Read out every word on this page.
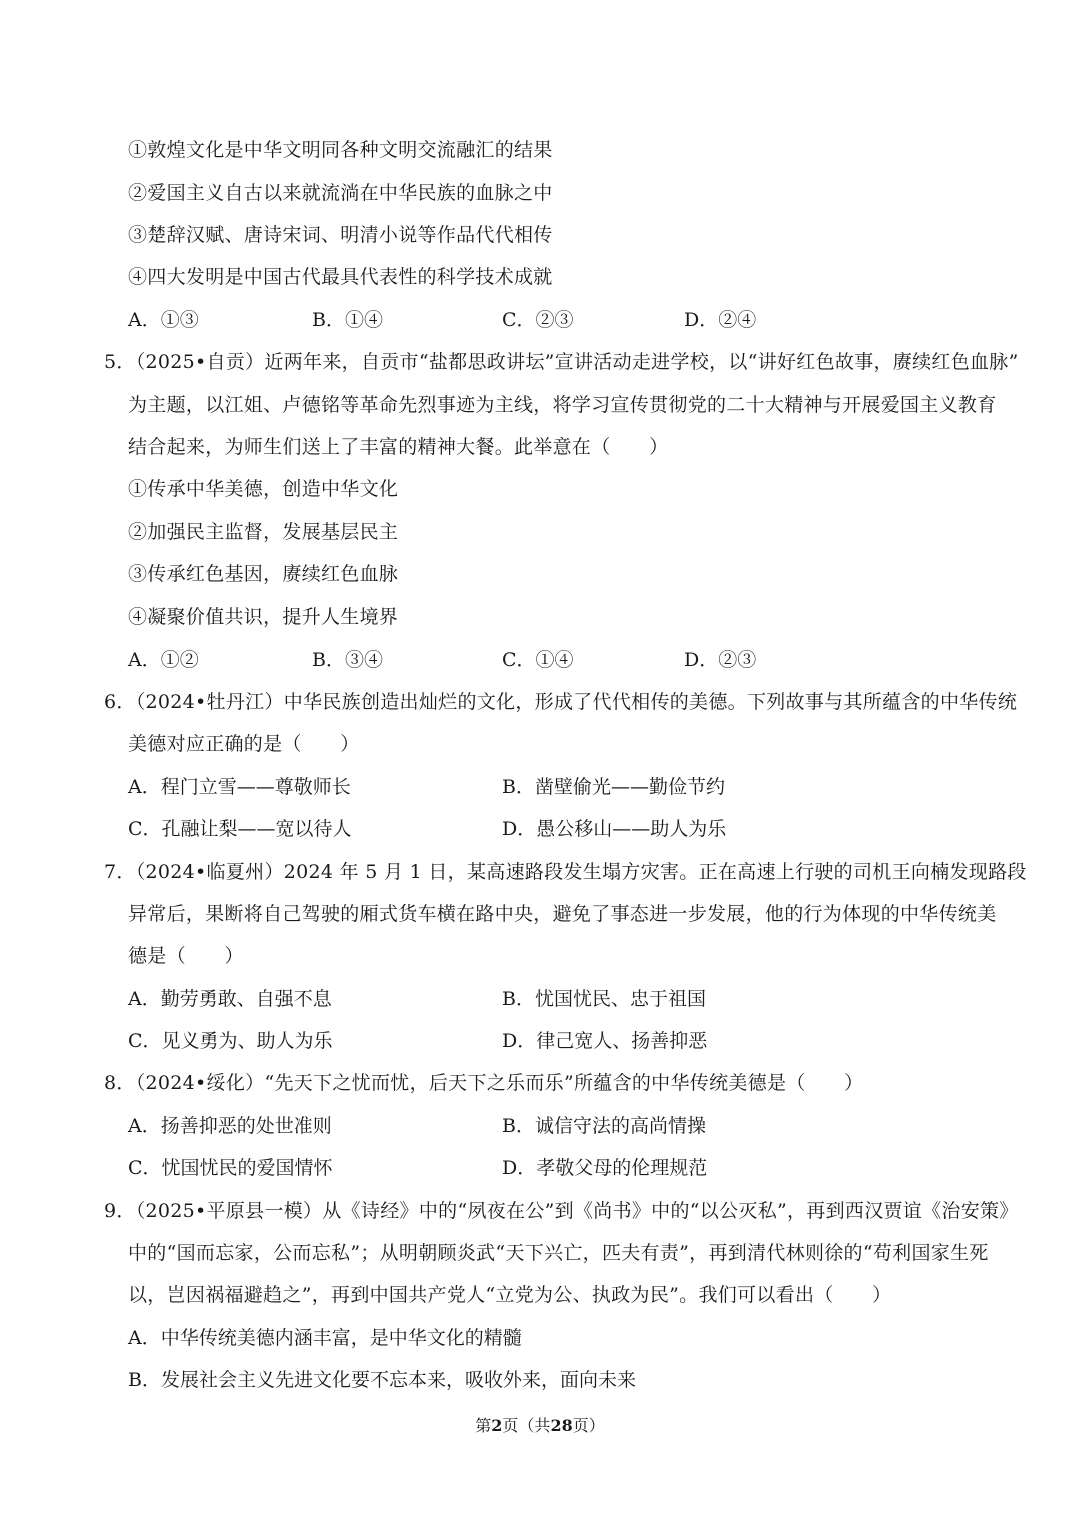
①敦煌文化是中华文明同各种文明交流融汇的结果
②爱国主义自古以来就流淌在中华民族的血脉之中
③楚辞汉赋、唐诗宋词、明清小说等作品代代相传
④四大发明是中国古代最具代表性的科学技术成就
A．①③	B．①④	C．②③	D．②④
5．（2025•自贡）近两年来，自贡市“盐都思政讲坛”宣讲活动走进学校，以“讲好红色故事，赓续红色血脉”
为主题，以江姐、卢德铭等革命先烈事迹为主线，将学习宣传贯彻党的二十大精神与开展爱国主义教育
结合起来，为师生们送上了丰富的精神大餐。此举意在（　　）
①传承中华美德，创造中华文化
②加强民主监督，发展基层民主
③传承红色基因，赓续红色血脉
④凝聚价值共识，提升人生境界
A．①②	B．③④	C．①④	D．②③
6．（2024•牡丹江）中华民族创造出灿烂的文化，形成了代代相传的美德。下列故事与其所蕴含的中华传统
美德对应正确的是（　　）
A．程门立雪——尊敬师长	B．凿壁偷光——勤俭节约
C．孔融让梨——宽以待人	D．愚公移山——助人为乐
7．（2024•临夏州）2024 年 5 月 1 日，某高速路段发生塌方灾害。正在高速上行驶的司机王向楠发现路段
异常后，果断将自己驾驶的厢式货车横在路中央，避免了事态进一步发展，他的行为体现的中华传统美
德是（　　）
A．勤劳勇敢、自强不息	B．忧国忧民、忠于祖国
C．见义勇为、助人为乐	D．律己宽人、扬善抑恶
8．（2024•绥化）“先天下之忧而忧，后天下之乐而乐”所蕴含的中华传统美德是（　　）
A．扬善抑恶的处世准则	B．诚信守法的高尚情操
C．忧国忧民的爱国情怀	D．孝敬父母的伦理规范
9．（2025•平原县一模）从《诗经》中的“夙夜在公”到《尚书》中的“以公灭私”，再到西汉贾谊《治安策》
中的“国而忘家，公而忘私”；从明朝顾炎武“天下兴亡，匹夫有责”，再到清代林则徐的“苟利国家生死
以，岂因祸福避趋之”，再到中国共产党人“立党为公、执政为民”。我们可以看出（　　）
A．中华传统美德内涵丰富，是中华文化的精髓
B．发展社会主义先进文化要不忘本来，吸收外来，面向未来
第2页（共28页）
